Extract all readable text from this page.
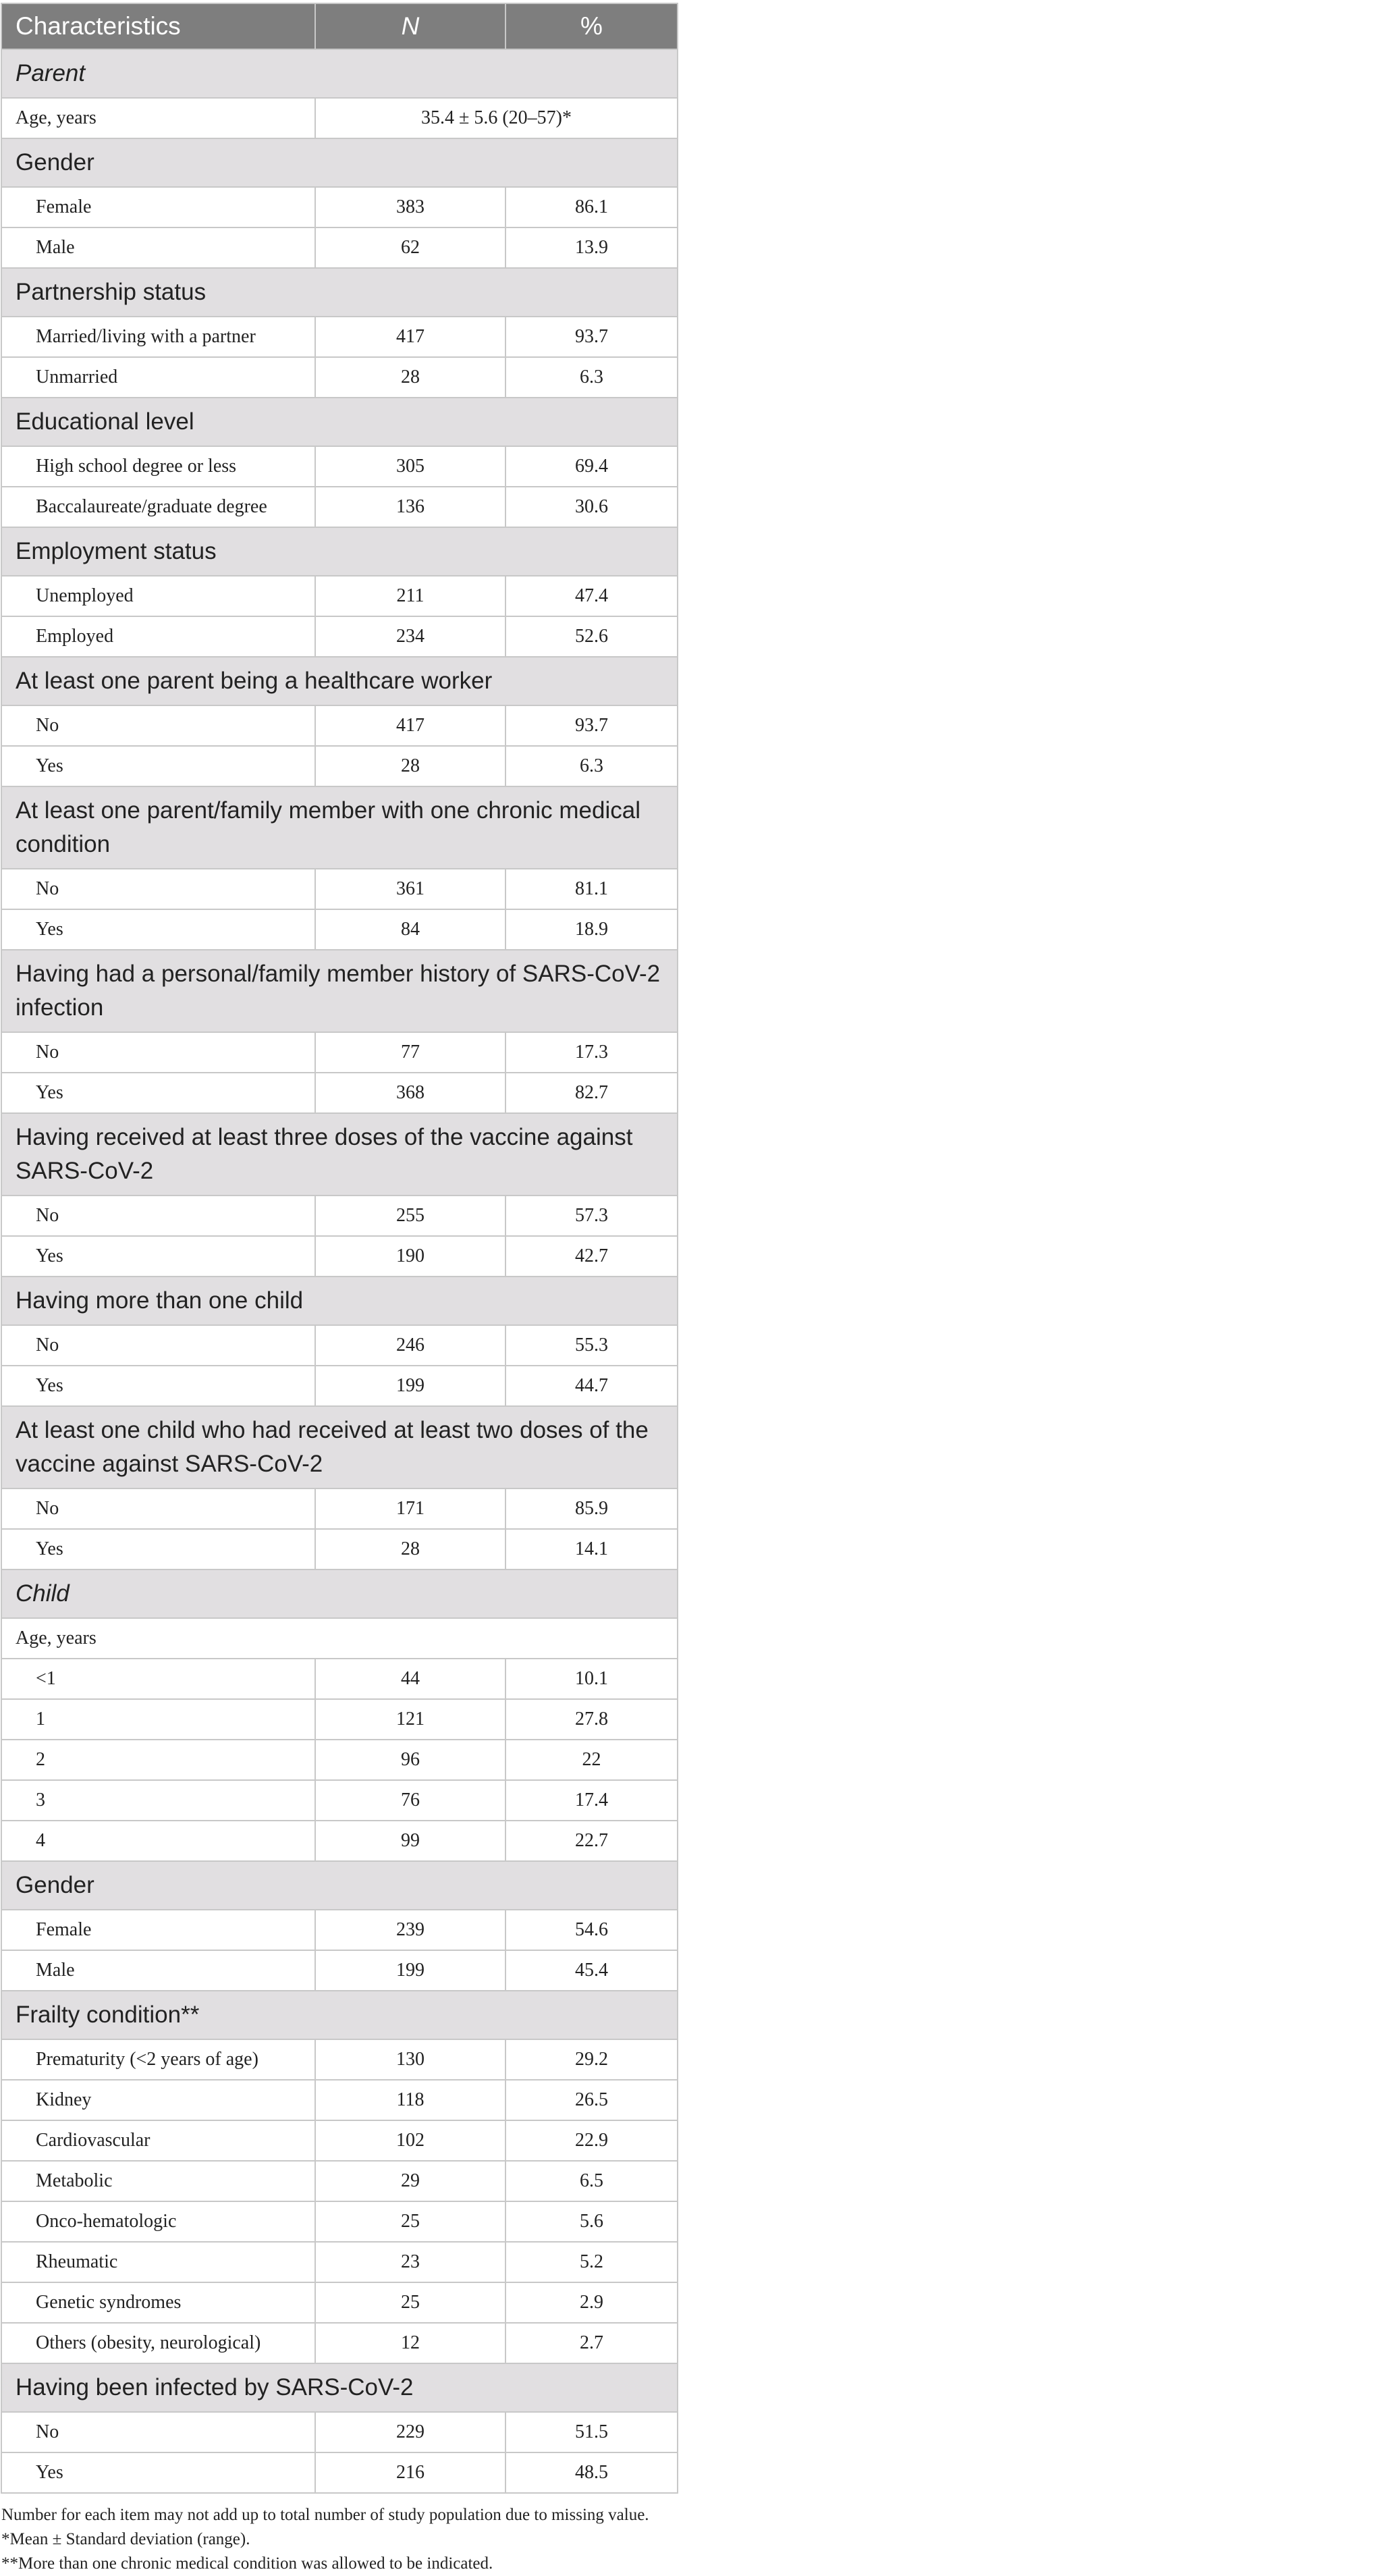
Characteristics	N	%
Parent		
Age, years	35.4 ± 5.6 (20–57)*	
Gender		
Female	383	86.1
Male	62	13.9
Partnership status		
Married/living with a partner	417	93.7
Unmarried	28	6.3
Educational level		
High school degree or less	305	69.4
Baccalaureate/graduate degree	136	30.6
Employment status		
Unemployed	211	47.4
Employed	234	52.6
At least one parent being a healthcare worker		
No	417	93.7
Yes	28	6.3
At least one parent/family member with one chronic medical condition		
No	361	81.1
Yes	84	18.9
Having had a personal/family member history of SARS-CoV-2 infection		
No	77	17.3
Yes	368	82.7
Having received at least three doses of the vaccine against SARS-CoV-2		
No	255	57.3
Yes	190	42.7
Having more than one child		
No	246	55.3
Yes	199	44.7
At least one child who had received at least two doses of the vaccine against SARS-CoV-2		
No	171	85.9
Yes	28	14.1
Child		
Age, years		
<1	44	10.1
1	121	27.8
2	96	22
3	76	17.4
4	99	22.7
Gender		
Female	239	54.6
Male	199	45.4
Frailty condition**		
Prematurity (<2 years of age)	130	29.2
Kidney	118	26.5
Cardiovascular	102	22.9
Metabolic	29	6.5
Onco-hematologic	25	5.6
Rheumatic	23	5.2
Genetic syndromes	25	2.9
Others (obesity, neurological)	12	2.7
Having been infected by SARS-CoV-2		
No	229	51.5
Yes	216	48.5

Number for each item may not add up to total number of study population due to missing value.

*Mean ± Standard deviation (range).

**More than one chronic medical condition was allowed to be indicated.
